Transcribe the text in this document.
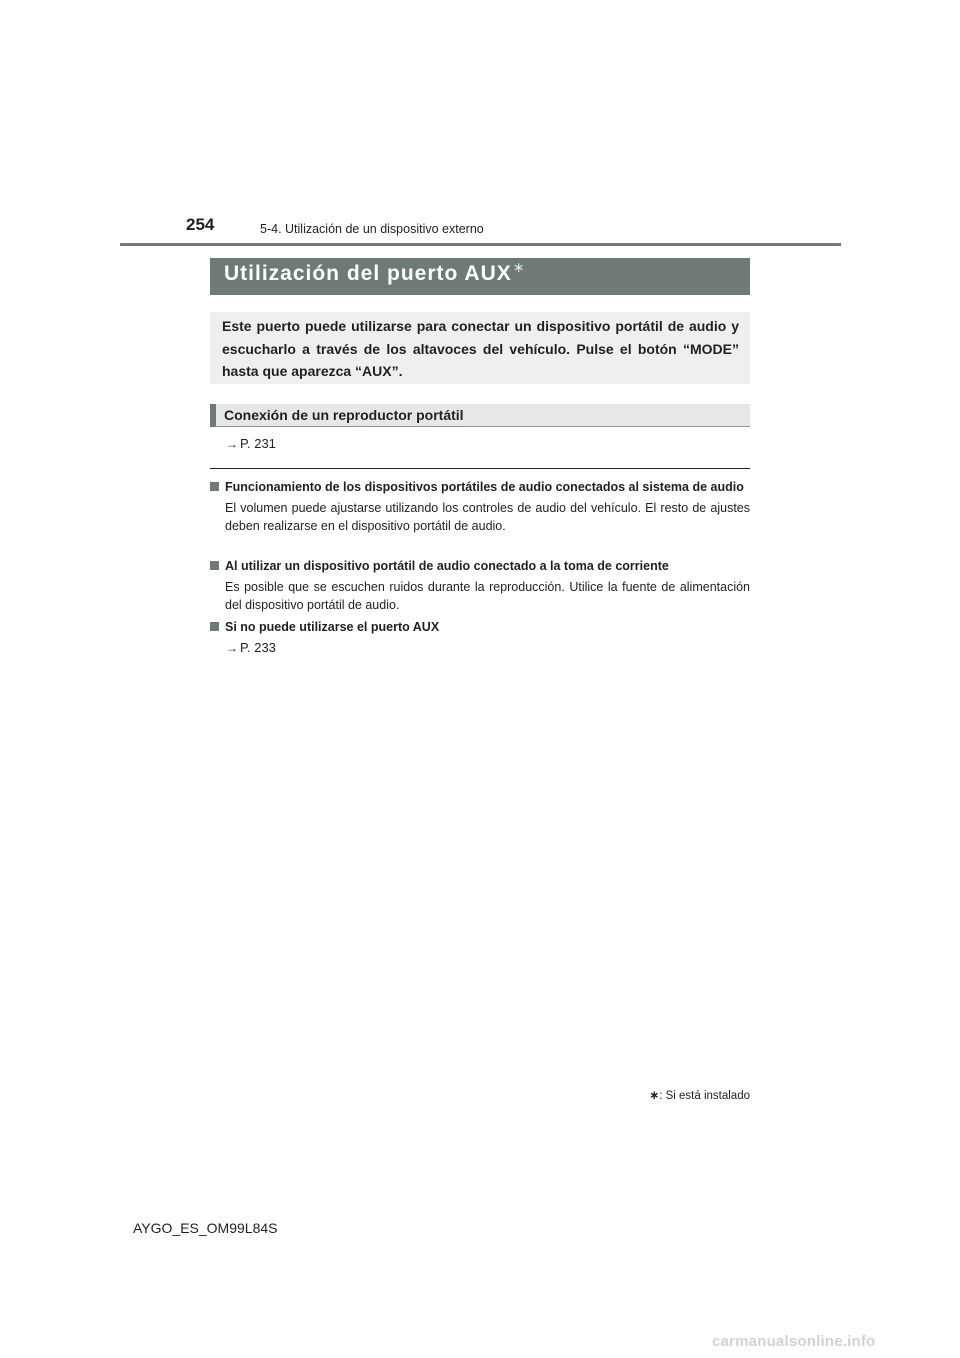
254	5-4. Utilización de un dispositivo externo
Utilización del puerto AUX∗
Este puerto puede utilizarse para conectar un dispositivo portátil de audio y escucharlo a través de los altavoces del vehículo. Pulse el botón “MODE” hasta que aparezca “AUX”.
Conexión de un reproductor portátil
→ P. 231
Funcionamiento de los dispositivos portátiles de audio conectados al sistema de audio
El volumen puede ajustarse utilizando los controles de audio del vehículo. El resto de ajustes deben realizarse en el dispositivo portátil de audio.
Al utilizar un dispositivo portátil de audio conectado a la toma de corriente
Es posible que se escuchen ruidos durante la reproducción. Utilice la fuente de alimentación del dispositivo portátil de audio.
Si no puede utilizarse el puerto AUX
→ P. 233
∗: Si está instalado
AYGO_ES_OM99L84S
carmanualsonline.info
